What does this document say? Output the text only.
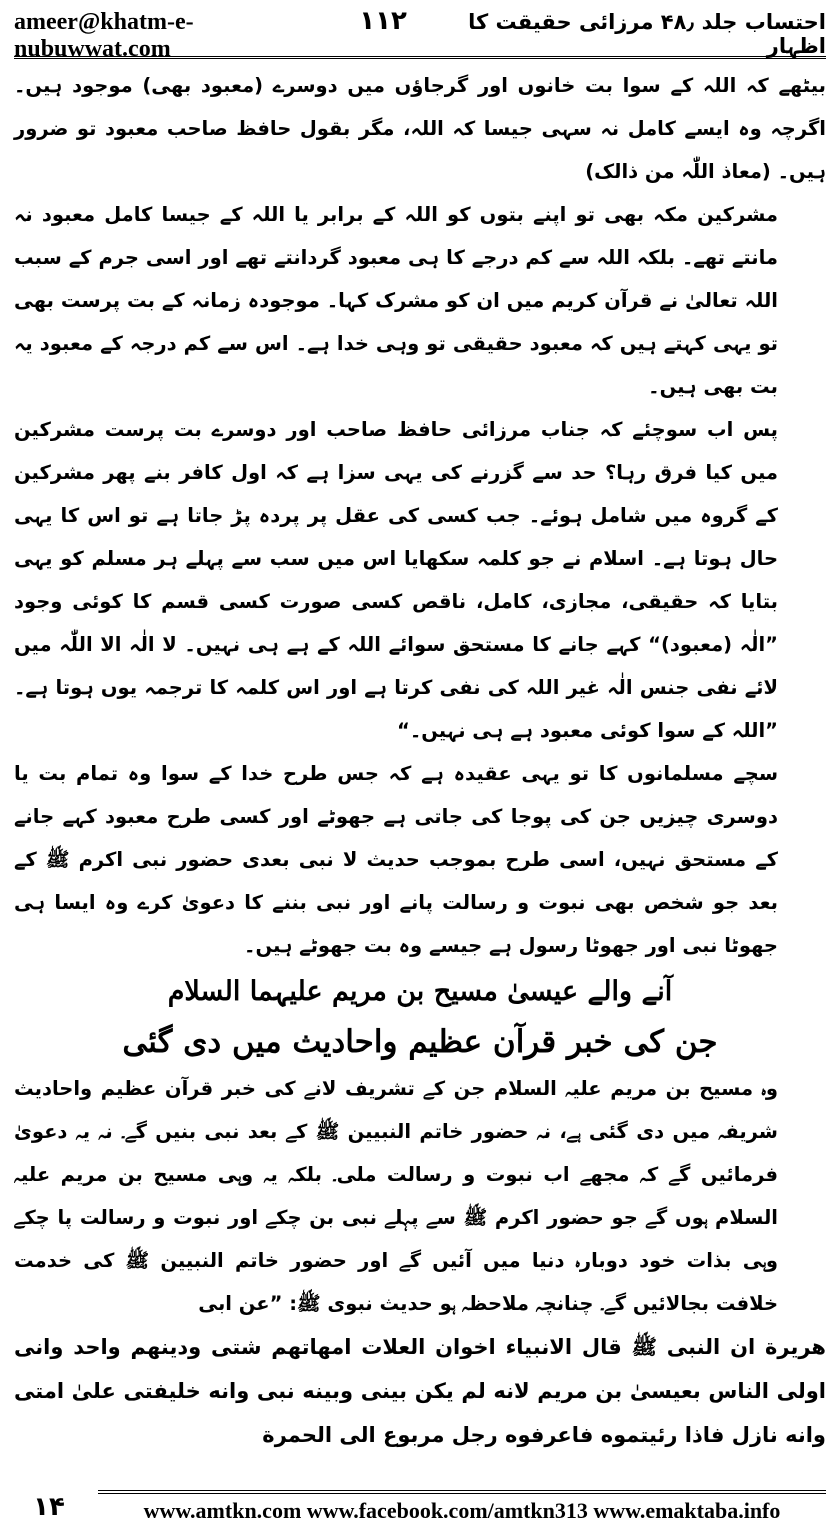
ameer@khatm-e-nubuwwat.com
۱۱۲	احتساب جلد ۴۸٫ مرزائی حقیقت کا اظہار

بیٹھے کہ اللہ کے سوا بت خانوں اور گرجاؤں میں دوسرے (معبود بھی) موجود ہیں۔ اگرچہ وہ ایسے کامل نہ سہی جیسا کہ اللہ، مگر بقول حافظ صاحب معبود تو ضرور ہیں۔ (معاذ اللّٰہ من ذالک)

مشرکین مکہ بھی تو اپنے بتوں کو اللہ کے برابر یا اللہ کے جیسا کامل معبود نہ مانتے تھے۔ بلکہ اللہ سے کم درجے کا ہی معبود گردانتے تھے اور اسی جرم کے سبب اللہ تعالیٰ نے قرآن کریم میں ان کو مشرک کہا۔ موجودہ زمانہ کے بت پرست بھی تو یہی کہتے ہیں کہ معبود حقیقی تو وہی خدا ہے۔ اس سے کم درجہ کے معبود یہ بت بھی ہیں۔

پس اب سوچئے کہ جناب مرزائی حافظ صاحب اور دوسرے بت پرست مشرکین میں کیا فرق رہا؟ حد سے گزرنے کی یہی سزا ہے کہ اول کافر بنے پھر مشرکین کے گروہ میں شامل ہوئے۔ جب کسی کی عقل پر پردہ پڑ جاتا ہے تو اس کا یہی حال ہوتا ہے۔ اسلام نے جو کلمہ سکھایا اس میں سب سے پہلے ہر مسلم کو یہی بتایا کہ حقیقی، مجازی، کامل، ناقص کسی صورت کسی قسم کا کوئی وجود ”الٰہ (معبود)“ کہے جانے کا مستحق سوائے اللہ کے ہے ہی نہیں۔ لا الٰہ الا اللّٰہ میں لائے نفی جنس الٰہ غیر اللہ کی نفی کرتا ہے اور اس کلمہ کا ترجمہ یوں ہوتا ہے۔ ”اللہ کے سوا کوئی معبود ہے ہی نہیں۔“

سچے مسلمانوں کا تو یہی عقیدہ ہے کہ جس طرح خدا کے سوا وہ تمام بت یا دوسری چیزیں جن کی پوجا کی جاتی ہے جھوٹے اور کسی طرح معبود کہے جانے کے مستحق نہیں، اسی طرح بموجب حدیث لا نبی بعدی حضور نبی اکرم ﷺ کے بعد جو شخص بھی نبوت و رسالت پانے اور نبی بننے کا دعویٰ کرے وہ ایسا ہی جھوٹا نبی اور جھوٹا رسول ہے جیسے وہ بت جھوٹے ہیں۔

آنے والے عیسیٰ مسیح بن مریم علیہما السلام
جن کی خبر قرآن عظیم واحادیث میں دی گئی

وہ مسیح بن مریم علیہ السلام جن کے تشریف لانے کی خبر قرآن عظیم واحادیث شریفہ میں دی گئی ہے، نہ حضور خاتم النبیین ﷺ کے بعد نبی بنیں گے۔ نہ یہ دعویٰ فرمائیں گے کہ مجھے اب نبوت و رسالت ملی۔ بلکہ یہ وہی مسیح بن مریم علیہ السلام ہوں گے جو حضور اکرم ﷺ سے پہلے نبی بن چکے اور نبوت و رسالت پا چکے وہی بذات خود دوبارہ دنیا میں آئیں گے اور حضور خاتم النبیین ﷺ کی خدمت خلافت بجالائیں گے۔ چنانچہ ملاحظہ ہو حدیث نبوی ﷺ: ”عن ابی

هريرة ان النبی ﷺ قال الانبياء اخوان العلات امهاتهم شتی ودينهم واحد وانی اولی الناس بعيسیٰ بن مريم لانه لم يكن بينی وبينه نبی وانه خليفتی علیٰ امتی وانه نازل فاذا رئيتموه فاعرفوه رجل مربوع الی الحمرة

۱۴	www.amtkn.com www.facebook.com/amtkn313 www.emaktaba.info
